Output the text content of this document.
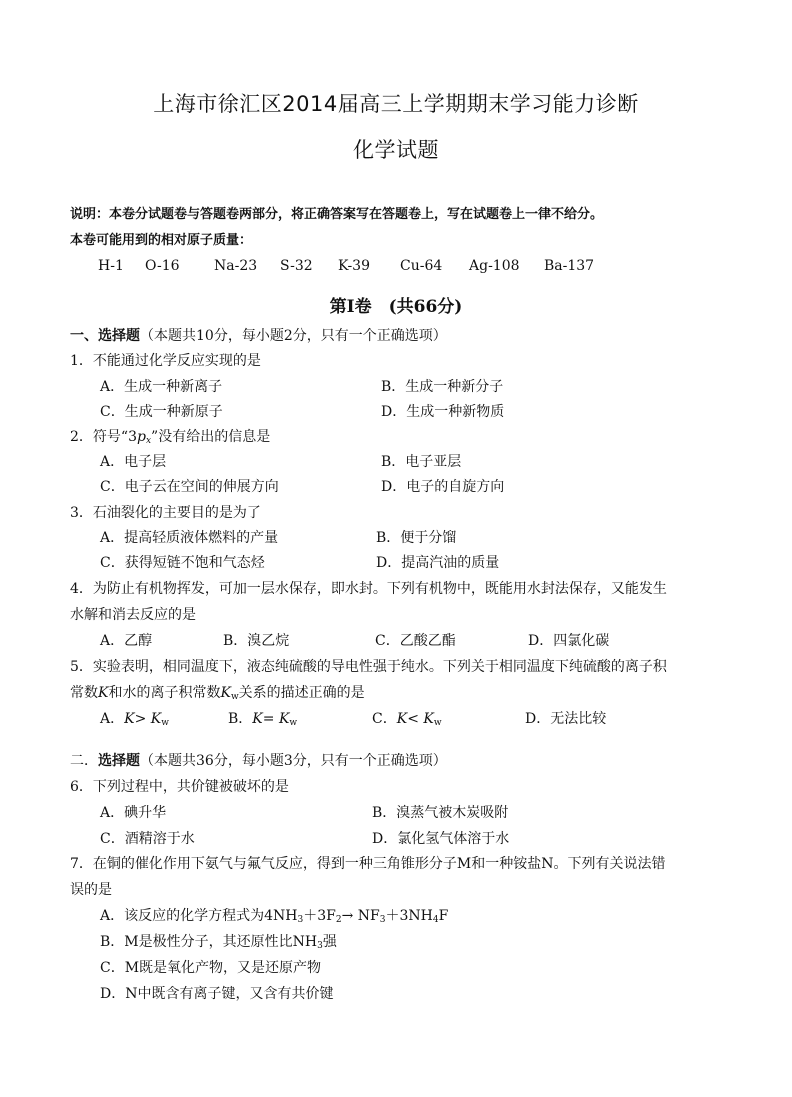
上海市徐汇区2014届高三上学期期末学习能力诊断
化学试题
说明：本卷分试题卷与答题卷两部分，将正确答案写在答题卷上，写在试题卷上一律不给分。
本卷可能用到的相对原子质量：
H-1 O-16 Na-23 S-32 K-39 Cu-64 Ag-108 Ba-137
第Ⅰ卷　(共66分)
一、选择题（本题共10分，每小题2分，只有一个正确选项）
1．不能通过化学反应实现的是
A．生成一种新离子	B．生成一种新分子
C．生成一种新原子	D．生成一种新物质
2．符号“$3p_x$”没有给出的信息是
A．电子层	B．电子亚层
C．电子云在空间的伸展方向	D．电子的自旋方向
3．石油裂化的主要目的是为了
A．提高轻质液体燃料的产量	B．便于分馏
C．获得短链不饱和气态烃	D．提高汽油的质量
4．为防止有机物挥发，可加一层水保存，即水封。下列有机物中，既能用水封法保存，又能发生
水解和消去反应的是
A．乙醇	B．溴乙烷	C．乙酸乙酯	D．四氯化碳
5．实验表明，相同温度下，液态纯硫酸的导电性强于纯水。下列关于相同温度下纯硫酸的离子积
常数K和水的离子积常数$K_w$关系的描述正确的是
A．$K> K_w$	B．$K= K_w$	C．$K< K_w$	D．无法比较
二．选择题（本题共36分，每小题3分，只有一个正确选项）
6．下列过程中，共价键被破坏的是
A．碘升华	B．溴蒸气被木炭吸附
C．酒精溶于水	D．氯化氢气体溶于水
7．在铜的催化作用下氨气与氟气反应，得到一种三角锥形分子M和一种铵盐N。下列有关说法错
误的是
A．该反应的化学方程式为$4NH_3+3F_2\to NF_3+3NH_4F$
B．M是极性分子，其还原性比$NH_3$强
C．M既是氧化产物，又是还原产物
D．N中既含有离子键，又含有共价键
